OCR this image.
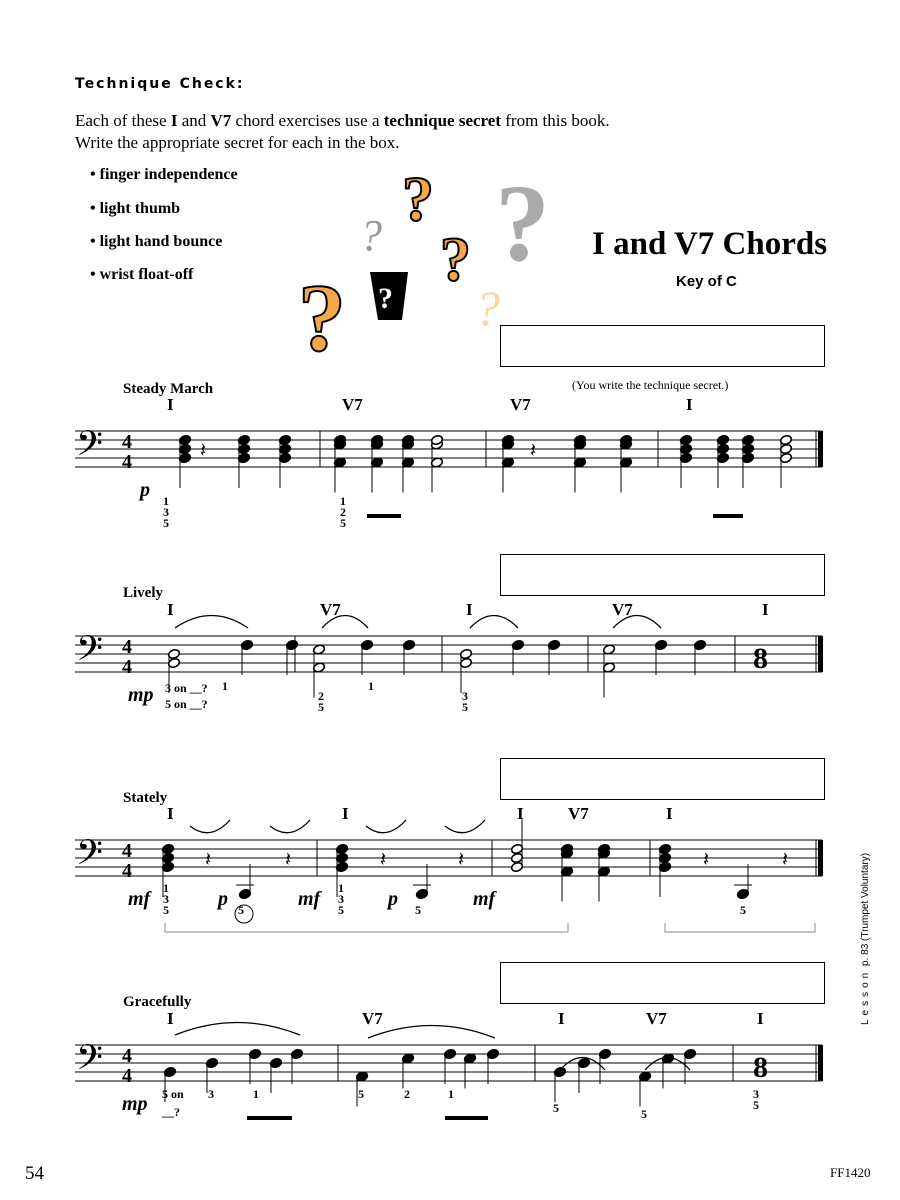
Technique Check:
Each of these I and V7 chord exercises use a technique secret from this book.
Write the appropriate secret for each in the box.
• finger independence
• light thumb
• light hand bounce
• wrist float-off
? ?
? ?
?
? ?
I and V7 Chords
Key of C
(You write the technique secret.)
Steady March
Lively
Stately
Gracefully
𝄢 4
4
I	V7	V7	I
p 1
3
5
1
2
5
𝄽	𝄽
𝄢 4
4
I	V7	I	V7	I
mp 3 on __?
5 on __?
1
2
5
1
3
5
8
𝄢 4
4
I	I	I	V7	I
mf	p	mf	p	mf
1
3
5	5
1
3
5	5	5
𝄽	𝄽	𝄽	𝄽	𝄽	𝄽
𝄢 4
4
I	V7	I	V7	I
mp 5 on
__?
3	1	5	2	1
5	5
3
5
8
Lesson p. 83 (Trumpet Voluntary)
54	FF1420
